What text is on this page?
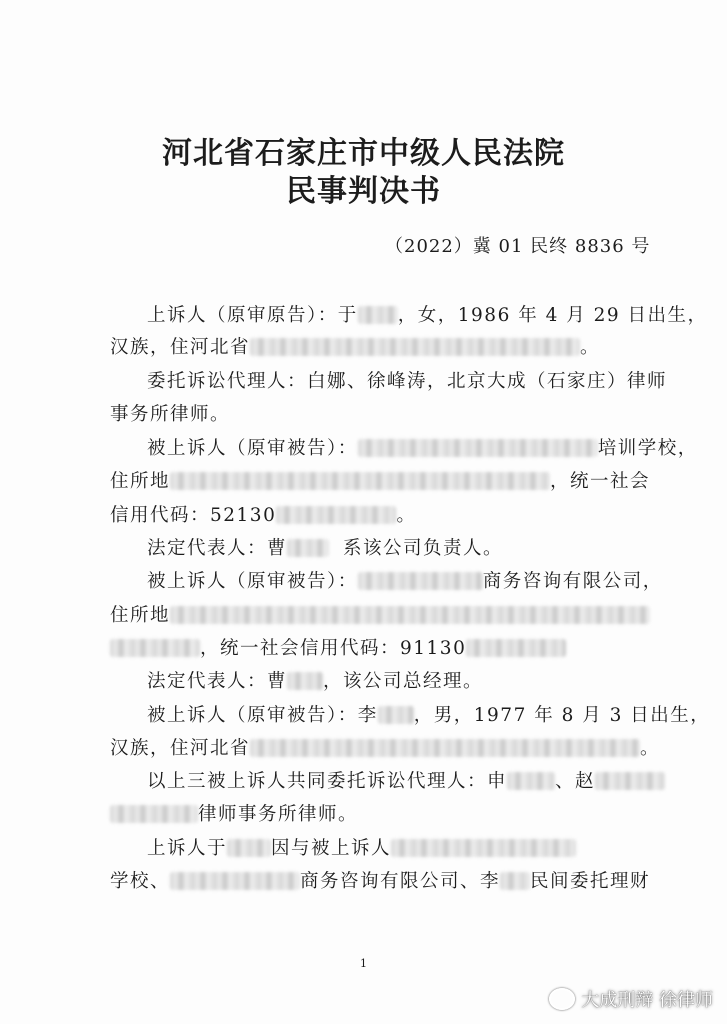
河北省石家庄市中级人民法院
民事判决书
（2022）冀 01 民终 8836 号
上诉人（原审原告）：于 ，女，1986 年 4 月 29 日出生，
汉族，住河北省	。
委托诉讼代理人：白娜、徐峰涛，北京大成（石家庄）律师
事务所律师。
被上诉人（原审被告）：	培训学校，
住所地	，统一社会
信用代码：52130	。
法定代表人：曹	系该公司负责人。
被上诉人（原审被告）：	商务咨询有限公司，
住所地
，统一社会信用代码：91130
法定代表人：曹 ，该公司总经理。
被上诉人（原审被告）：李 ，男，1977 年 8 月 3 日出生，
汉族，住河北省	。
以上三被上诉人共同委托诉讼代理人：申	、赵
律师事务所律师。
上诉人于 因与被上诉人
学校、	商务咨询有限公司、李 民间委托理财
1
大成刑辩 徐律师
